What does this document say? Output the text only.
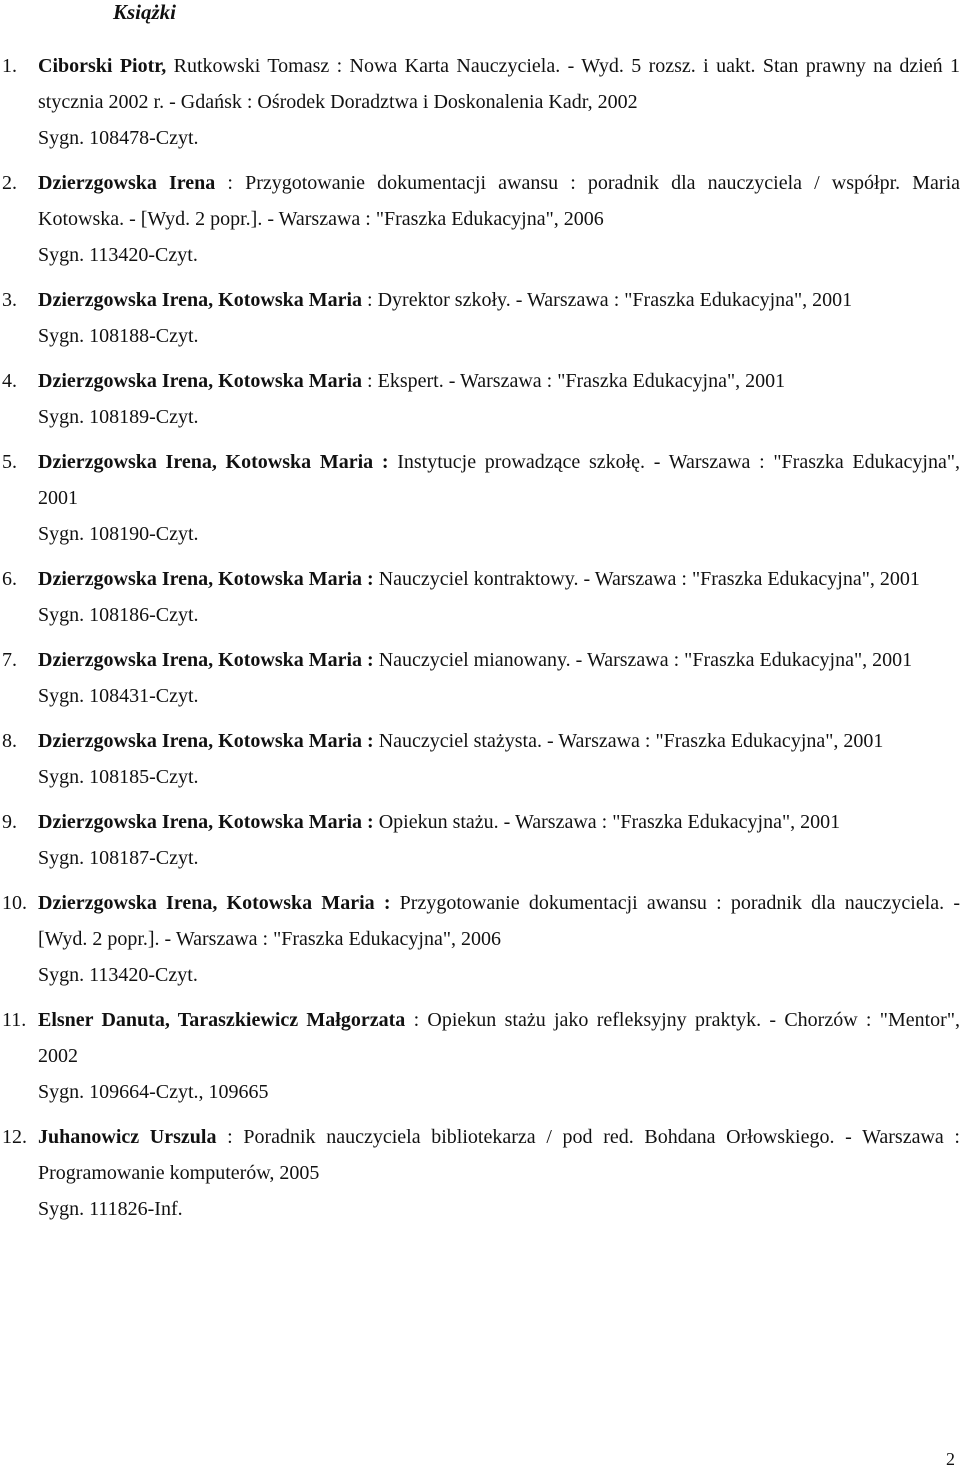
Książki
1. Ciborski Piotr, Rutkowski Tomasz : Nowa Karta Nauczyciela. - Wyd. 5 rozsz. i uakt. Stan prawny na dzień 1 stycznia 2002 r. - Gdańsk : Ośrodek Doradztwa i Doskonalenia Kadr, 2002
Sygn. 108478-Czyt.
2. Dzierzgowska Irena : Przygotowanie dokumentacji awansu : poradnik dla nauczyciela / współpr. Maria Kotowska. - [Wyd. 2 popr.]. - Warszawa : "Fraszka Edukacyjna", 2006
Sygn. 113420-Czyt.
3. Dzierzgowska Irena, Kotowska Maria : Dyrektor szkoły. - Warszawa : "Fraszka Edukacyjna", 2001
Sygn. 108188-Czyt.
4. Dzierzgowska Irena, Kotowska Maria : Ekspert. - Warszawa : "Fraszka Edukacyjna", 2001
Sygn. 108189-Czyt.
5. Dzierzgowska Irena, Kotowska Maria : Instytucje prowadzące szkołę. - Warszawa : "Fraszka Edukacyjna", 2001
Sygn. 108190-Czyt.
6. Dzierzgowska Irena, Kotowska Maria : Nauczyciel kontraktowy. - Warszawa : "Fraszka Edukacyjna", 2001
Sygn. 108186-Czyt.
7. Dzierzgowska Irena, Kotowska Maria : Nauczyciel mianowany. - Warszawa : "Fraszka Edukacyjna", 2001
Sygn. 108431-Czyt.
8. Dzierzgowska Irena, Kotowska Maria : Nauczyciel stażysta. - Warszawa : "Fraszka Edukacyjna", 2001
Sygn. 108185-Czyt.
9. Dzierzgowska Irena, Kotowska Maria : Opiekun stażu. - Warszawa : "Fraszka Edukacyjna", 2001
Sygn. 108187-Czyt.
10. Dzierzgowska Irena, Kotowska Maria : Przygotowanie dokumentacji awansu : poradnik dla nauczyciela. - [Wyd. 2 popr.]. - Warszawa : "Fraszka Edukacyjna", 2006
Sygn. 113420-Czyt.
11. Elsner Danuta, Taraszkiewicz Małgorzata : Opiekun stażu jako refleksyjny praktyk. - Chorzów : "Mentor", 2002
Sygn. 109664-Czyt., 109665
12. Juhanowicz Urszula : Poradnik nauczyciela bibliotekarza / pod red. Bohdana Orłowskiego. - Warszawa : Programowanie komputerów, 2005
Sygn. 111826-Inf.
2
